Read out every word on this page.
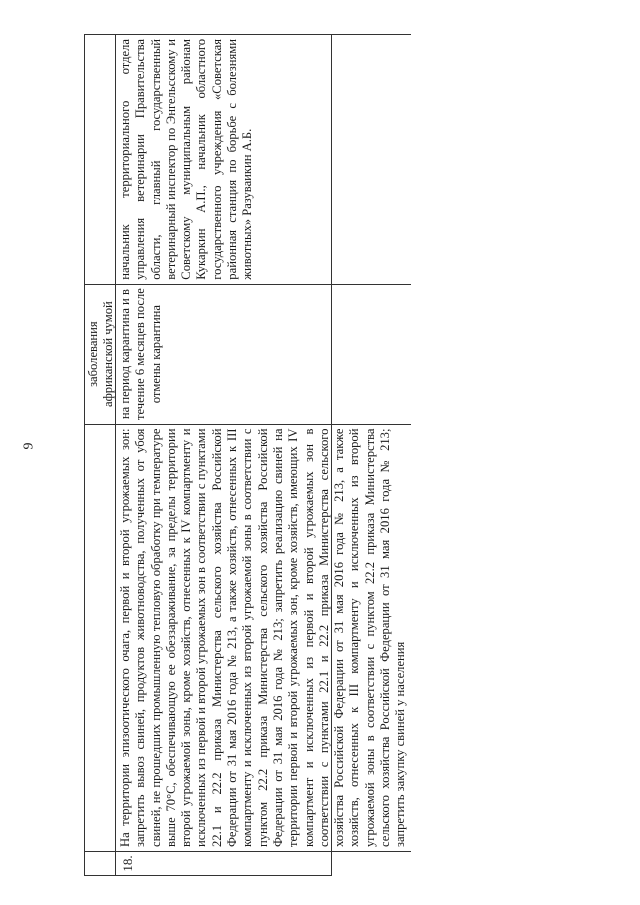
9
заболевания африканской чумой
18.
На территории эпизоотического очага, первой и второй угрожаемых зон: запретить вывоз свиней, продуктов животноводства, полученных от убоя свиней, не прошедших промышленную тепловую обработку при температуре выше 70°С, обеспечивающую ее обеззараживание, за пределы территории второй угрожаемой зоны, кроме хозяйств, отнесенных к IV компартменту и исключенных из первой и второй угрожаемых зон в соответствии с пунктами 22.1 и 22.2 приказа Министерства сельского хозяйства Российской Федерации от 31 мая 2016 года № 213, а также хозяйств, отнесенных к III компартменту и исключенных из второй угрожаемой зоны в соответствии с пунктом 22.2 приказа Министерства сельского хозяйства Российской Федерации от 31 мая 2016 года № 213; запретить реализацию свиней на территории первой и второй угрожаемых зон, кроме хозяйств, имеющих IV компартмент и исключенных из первой и второй угрожаемых зон в соответствии с пунктами 22.1 и 22.2 приказа Министерства сельского хозяйства Российской Федерации от 31 мая 2016 года № 213, а также хозяйств, отнесенных к III компартменту и исключенных из второй угрожаемой зоны в соответствии с пунктом 22.2 приказа Министерства сельского хозяйства Российской Федерации от 31 мая 2016 года № 213; запретить закупку свиней у населения
на период карантина и в течение 6 месяцев после отмены карантина
начальник территориального отдела управления ветеринарии Правительства области, главный государственный ветеринарный инспектор по Энгельсскому и Советскому муниципальным районам Кукаркин А.П., начальник областного государственного учреждения «Советская районная станция по борьбе с болезнями животных» Разуваикин А.Б.
